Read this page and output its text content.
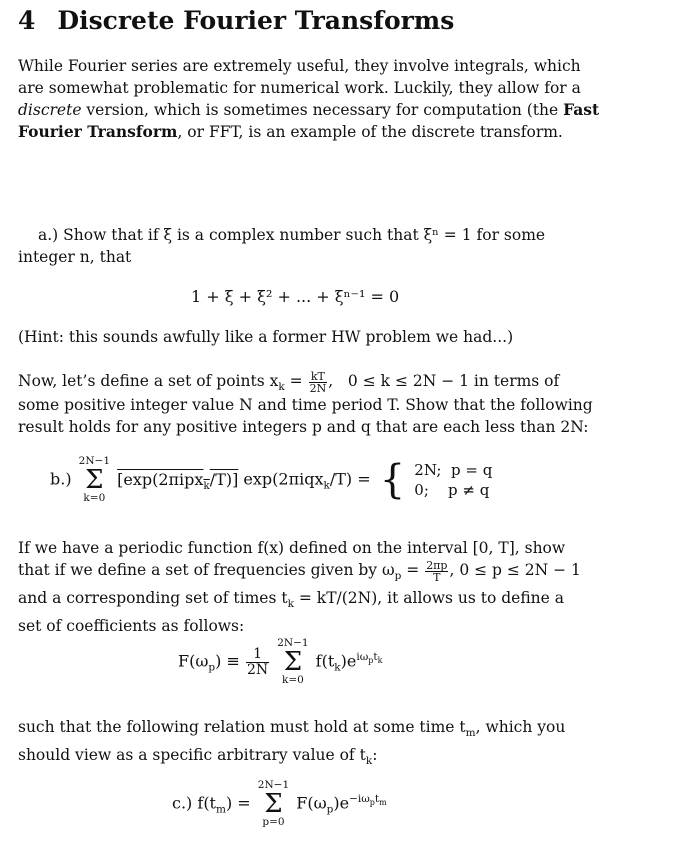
4 Discrete Fourier Transforms
While Fourier series are extremely useful, they involve integrals, which
are somewhat problematic for numerical work. Luckily, they allow for a
discrete version, which is sometimes necessary for computation (the Fast
Fourier Transform, or FFT, is an example of the discrete transform.
a.) Show that if ξ is a complex number such that ξⁿ = 1 for some
integer n, that
1 + ξ + ξ² + ... + ξⁿ⁻¹ = 0
(Hint: this sounds awfully like a former HW problem we had...)
Now, let’s define a set of points $x_k = \frac{kT}{2N}$ ,   0 ≤ k ≤ 2N − 1 in terms of
some positive integer value N and time period T. Show that the following
result holds for any positive integers p and q that are each less than 2N:
b.)
2N−1
Σ
k=0
[exp(2πipx$_k$/T)] exp(2πiqx$_k$/T) = { 2N; p = q
0; p ≠ q
If we have a periodic function f(x) defined on the interval [0, T], show
that if we define a set of frequencies given by $\omega_p = \frac{2\pi p}{T}$ , 0 ≤ p ≤ 2N − 1
and a corresponding set of times $t_k = kT/(2N)$, it allows us to define a
set of coefficients as follows:
$F(\omega_p) \equiv \frac{1}{2N}$

2N−1
Σ
k=0
$f(t_k)e^{i\omega_pt_k}$
such that the following relation must hold at some time $t_m$, which you
should view as a specific arbitrary value of $t_k$:
c.) $f(t_m)$ =
2N−1
Σ
p=0
$F(\omega_p)e^{-i\omega_pt_m}$
